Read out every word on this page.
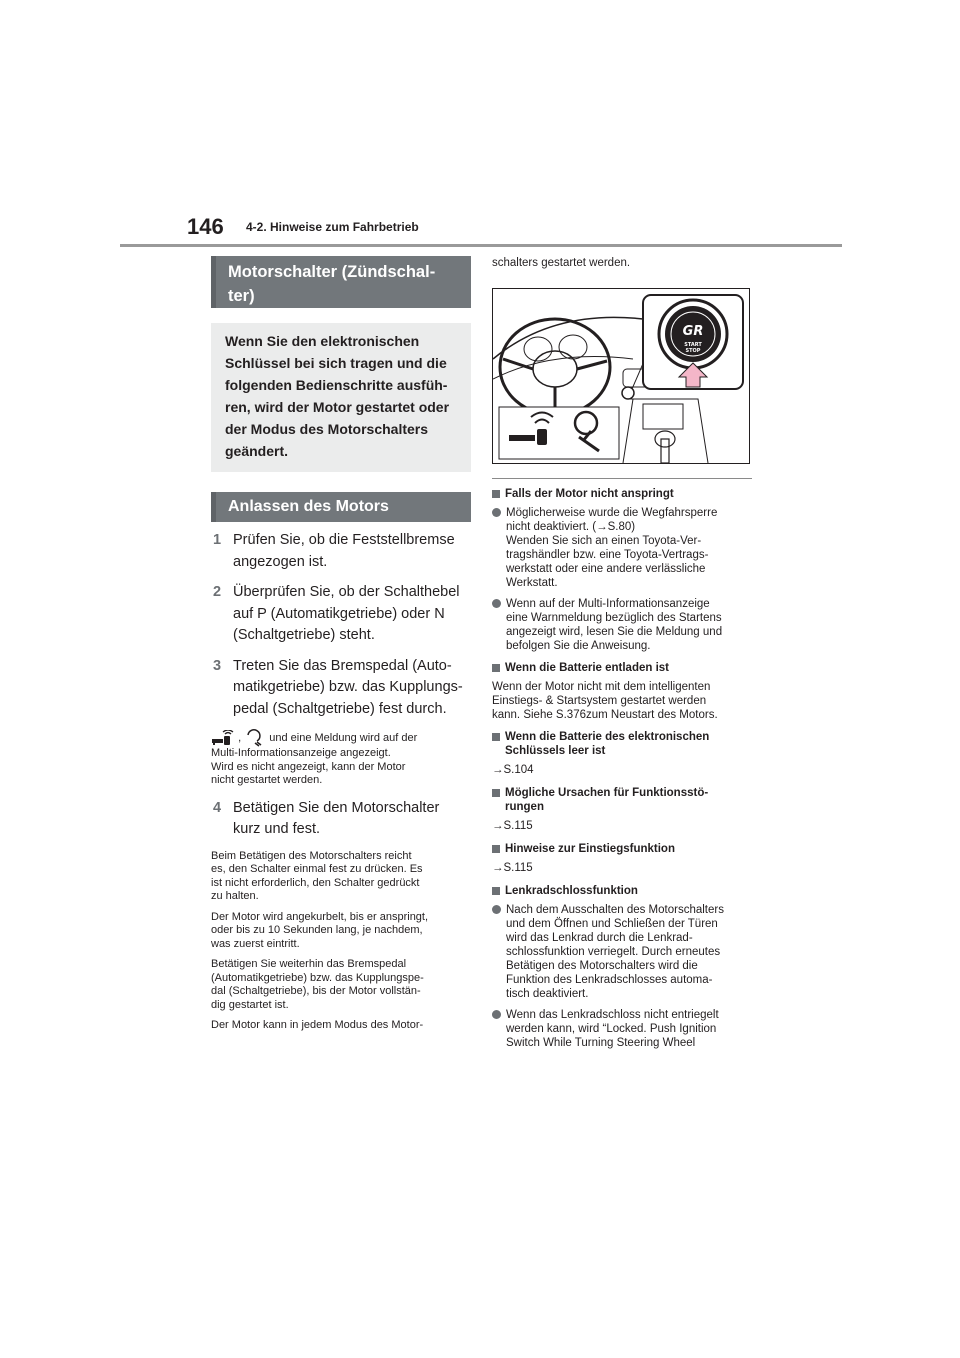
146 4-2. Hinweise zum Fahrbetrieb
Motorschalter (Zündschal-
ter)
Wenn Sie den elektronischen
Schlüssel bei sich tragen und die
folgenden Bedienschritte ausfüh-
ren, wird der Motor gestartet oder
der Modus des Motorschalters
geändert.
Anlassen des Motors
1 Prüfen Sie, ob die Feststellbremse
angezogen ist.
2 Überprüfen Sie, ob der Schalthebel
auf P (Automatikgetriebe) oder N
(Schaltgetriebe) steht.
3 Treten Sie das Bremspedal (Auto-
matikgetriebe) bzw. das Kupplungs-
pedal (Schaltgetriebe) fest durch.
,	und eine Meldung wird auf der
Multi-Informationsanzeige angezeigt.
Wird es nicht angezeigt, kann der Motor
nicht gestartet werden.
4 Betätigen Sie den Motorschalter
kurz und fest.
Beim Betätigen des Motorschalters reicht
es, den Schalter einmal fest zu drücken. Es
ist nicht erforderlich, den Schalter gedrückt
zu halten.
Der Motor wird angekurbelt, bis er anspringt,
oder bis zu 10 Sekunden lang, je nachdem,
was zuerst eintritt.
Betätigen Sie weiterhin das Bremspedal
(Automatikgetriebe) bzw. das Kupplungspe-
dal (Schaltgetriebe), bis der Motor vollstän-
dig gestartet ist.
Der Motor kann in jedem Modus des Motor-
schalters gestartet werden.
GR
START
STOP
Falls der Motor nicht anspringt
Möglicherweise wurde die Wegfahrsperre
nicht deaktiviert. (→S.80)
Wenden Sie sich an einen Toyota-Ver-
tragshändler bzw. eine Toyota-Vertrags-
werkstatt oder eine andere verlässliche
Werkstatt.
Wenn auf der Multi-Informationsanzeige
eine Warnmeldung bezüglich des Startens
angezeigt wird, lesen Sie die Meldung und
befolgen Sie die Anweisung.
Wenn die Batterie entladen ist
Wenn der Motor nicht mit dem intelligenten
Einstiegs- & Startsystem gestartet werden
kann. Siehe S.376zum Neustart des Motors.
Wenn die Batterie des elektronischen
Schlüssels leer ist
→S.104
Mögliche Ursachen für Funktionsstö-
rungen
→S.115
Hinweise zur Einstiegsfunktion
→S.115
Lenkradschlossfunktion
Nach dem Ausschalten des Motorschalters
und dem Öffnen und Schließen der Türen
wird das Lenkrad durch die Lenkrad-
schlossfunktion verriegelt. Durch erneutes
Betätigen des Motorschalters wird die
Funktion des Lenkradschlosses automa-
tisch deaktiviert.
Wenn das Lenkradschloss nicht entriegelt
werden kann, wird “Locked. Push Ignition
Switch While Turning Steering Wheel
